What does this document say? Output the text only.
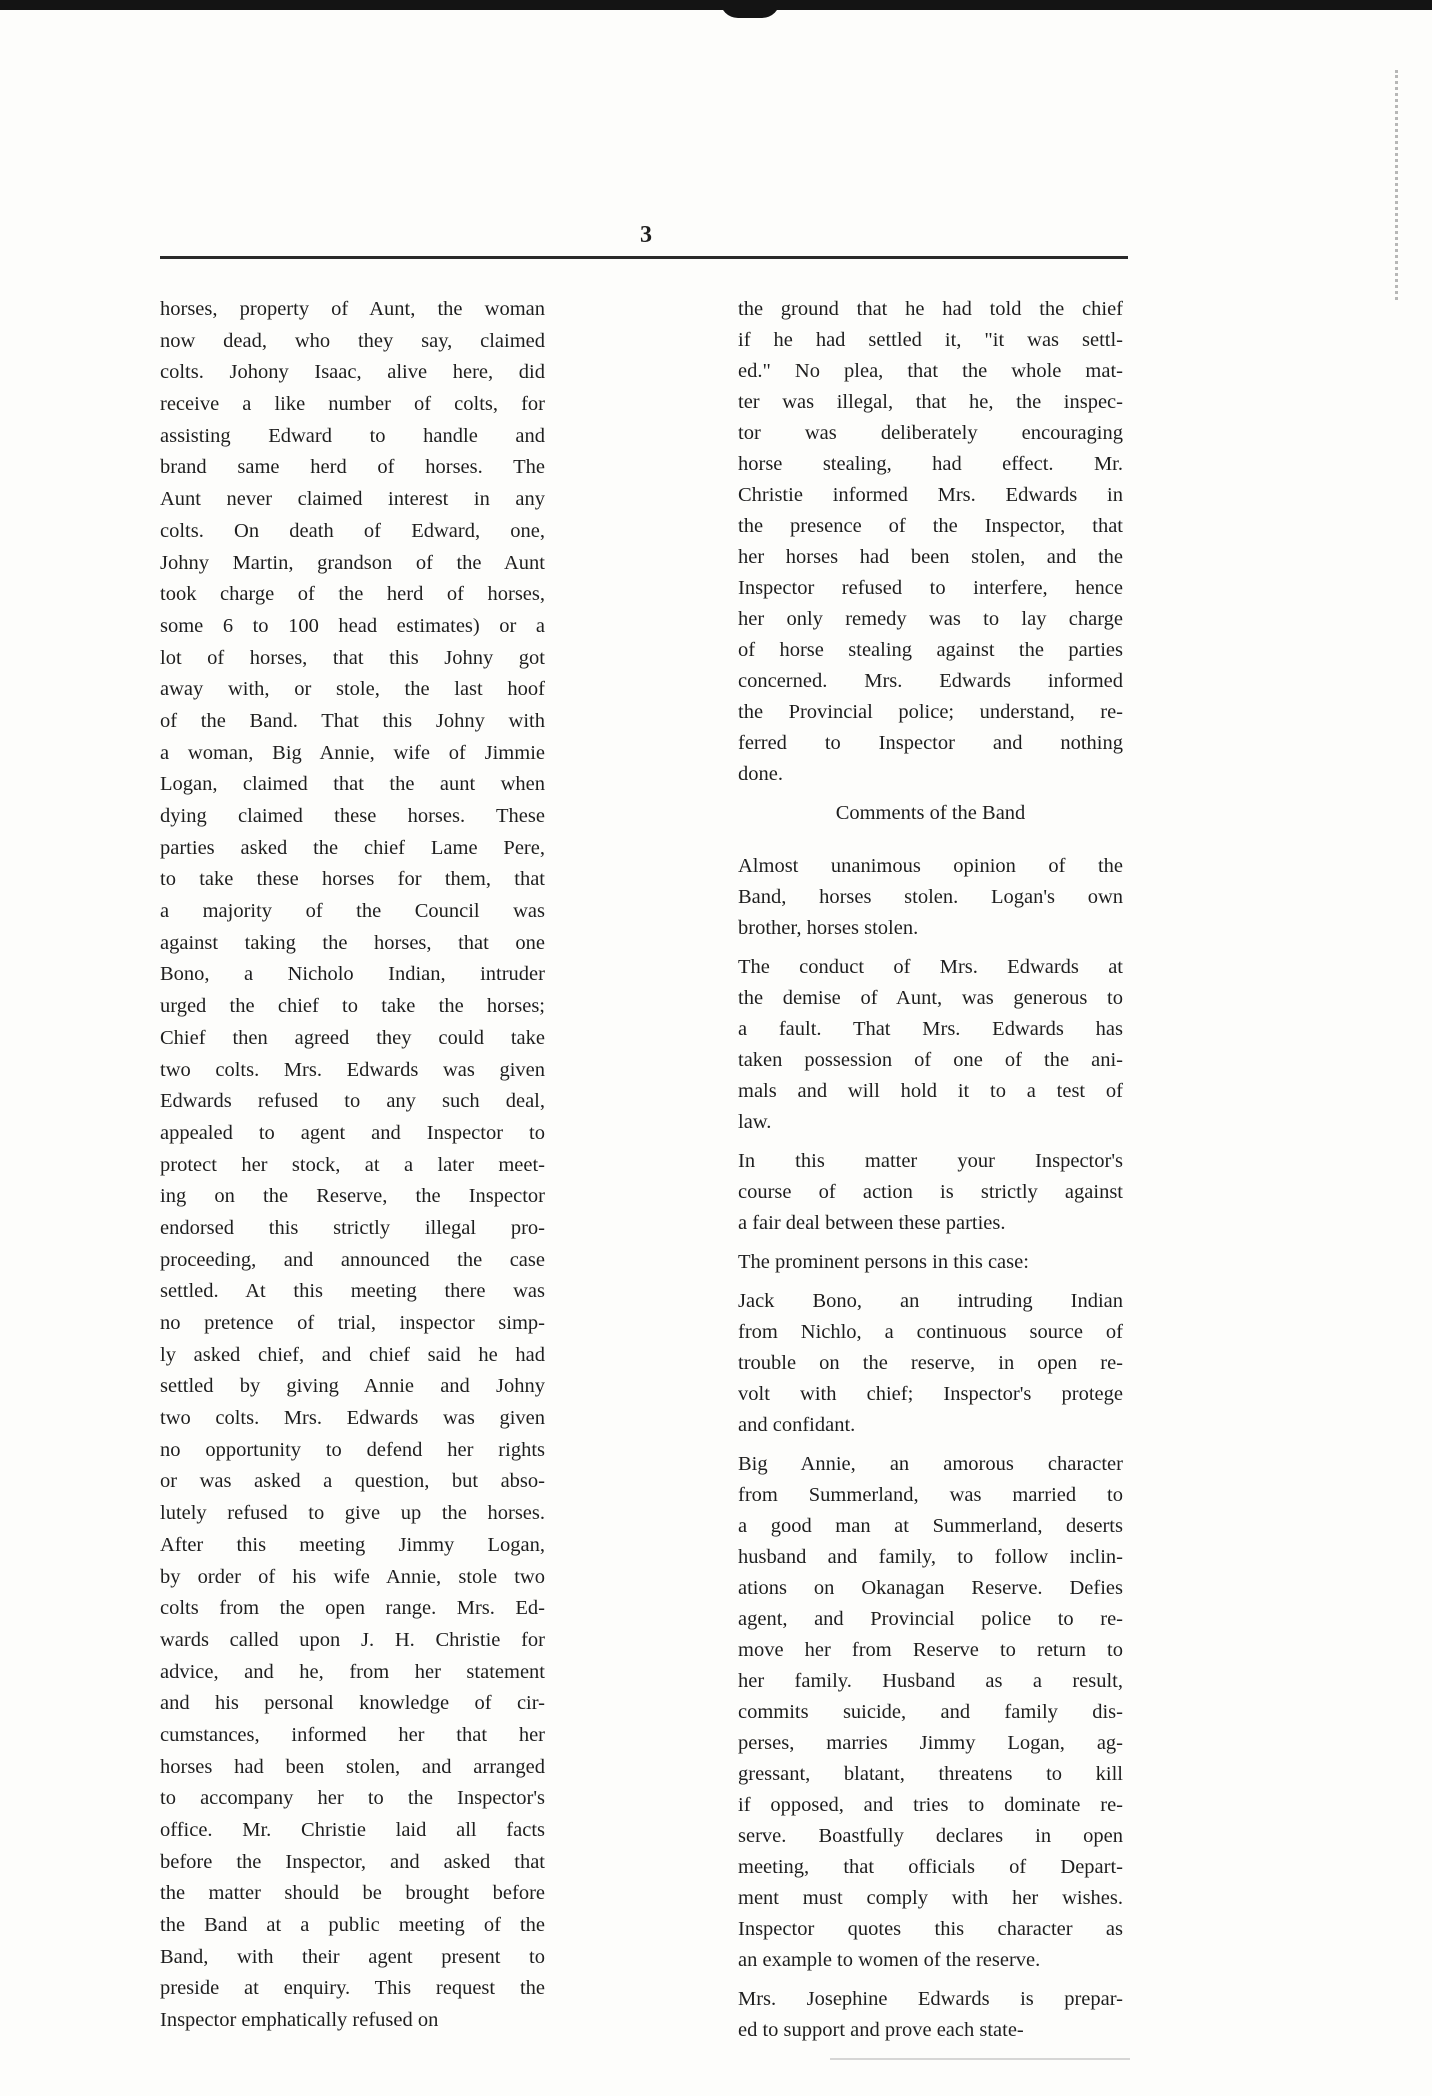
3
horses, property of Aunt, the woman
now dead, who they say, claimed
colts. Johony Isaac, alive here, did
receive a like number of colts, for
assisting Edward to handle and
brand same herd of horses. The
Aunt never claimed interest in any
colts. On death of Edward, one,
Johny Martin, grandson of the Aunt
took charge of the herd of horses,
some 6 to 100 head estimates) or a
lot of horses, that this Johny got
away with, or stole, the last hoof
of the Band. That this Johny with
a woman, Big Annie, wife of Jimmie
Logan, claimed that the aunt when
dying claimed these horses. These
parties asked the chief Lame Pere,
to take these horses for them, that
a majority of the Council was
against taking the horses, that one
Bono, a Nicholo Indian, intruder
urged the chief to take the horses;
Chief then agreed they could take
two colts. Mrs. Edwards was given
Edwards refused to any such deal,
appealed to agent and Inspector to
protect her stock, at a later meet-
ing on the Reserve, the Inspector
endorsed this strictly illegal pro-
proceeding, and announced the case
settled. At this meeting there was
no pretence of trial, inspector simp-
ly asked chief, and chief said he had
settled by giving Annie and Johny
two colts. Mrs. Edwards was given
no opportunity to defend her rights
or was asked a question, but abso-
lutely refused to give up the horses.
After this meeting Jimmy Logan,
by order of his wife Annie, stole two
colts from the open range. Mrs. Ed-
wards called upon J. H. Christie for
advice, and he, from her statement
and his personal knowledge of cir-
cumstances, informed her that her
horses had been stolen, and arranged
to accompany her to the Inspector's
office. Mr. Christie laid all facts
before the Inspector, and asked that
the matter should be brought before
the Band at a public meeting of the
Band, with their agent present to
preside at enquiry. This request the
Inspector emphatically refused on
the ground that he had told the chief
if he had settled it, "it was settl-
ed." No plea, that the whole mat-
ter was illegal, that he, the inspec-
tor was deliberately encouraging
horse stealing, had effect. Mr.
Christie informed Mrs. Edwards in
the presence of the Inspector, that
her horses had been stolen, and the
Inspector refused to interfere, hence
her only remedy was to lay charge
of horse stealing against the parties
concerned. Mrs. Edwards informed
the Provincial police; understand, re-
ferred to Inspector and nothing
done.
Comments of the Band
Almost unanimous opinion of the
Band, horses stolen. Logan's own
brother, horses stolen.
The conduct of Mrs. Edwards at
the demise of Aunt, was generous to
a fault. That Mrs. Edwards has
taken possession of one of the ani-
mals and will hold it to a test of
law.
In this matter your Inspector's
course of action is strictly against
a fair deal between these parties.
The prominent persons in this case:
Jack Bono, an intruding Indian
from Nichlo, a continuous source of
trouble on the reserve, in open re-
volt with chief; Inspector's protege
and confidant.
Big Annie, an amorous character
from Summerland, was married to
a good man at Summerland, deserts
husband and family, to follow inclin-
ations on Okanagan Reserve. Defies
agent, and Provincial police to re-
move her from Reserve to return to
her family. Husband as a result,
commits suicide, and family dis-
perses, marries Jimmy Logan, ag-
gressant, blatant, threatens to kill
if opposed, and tries to dominate re-
serve. Boastfully declares in open
meeting, that officials of Depart-
ment must comply with her wishes.
Inspector quotes this character as
an example to women of the reserve.
Mrs. Josephine Edwards is prepar-
ed to support and prove each state-
